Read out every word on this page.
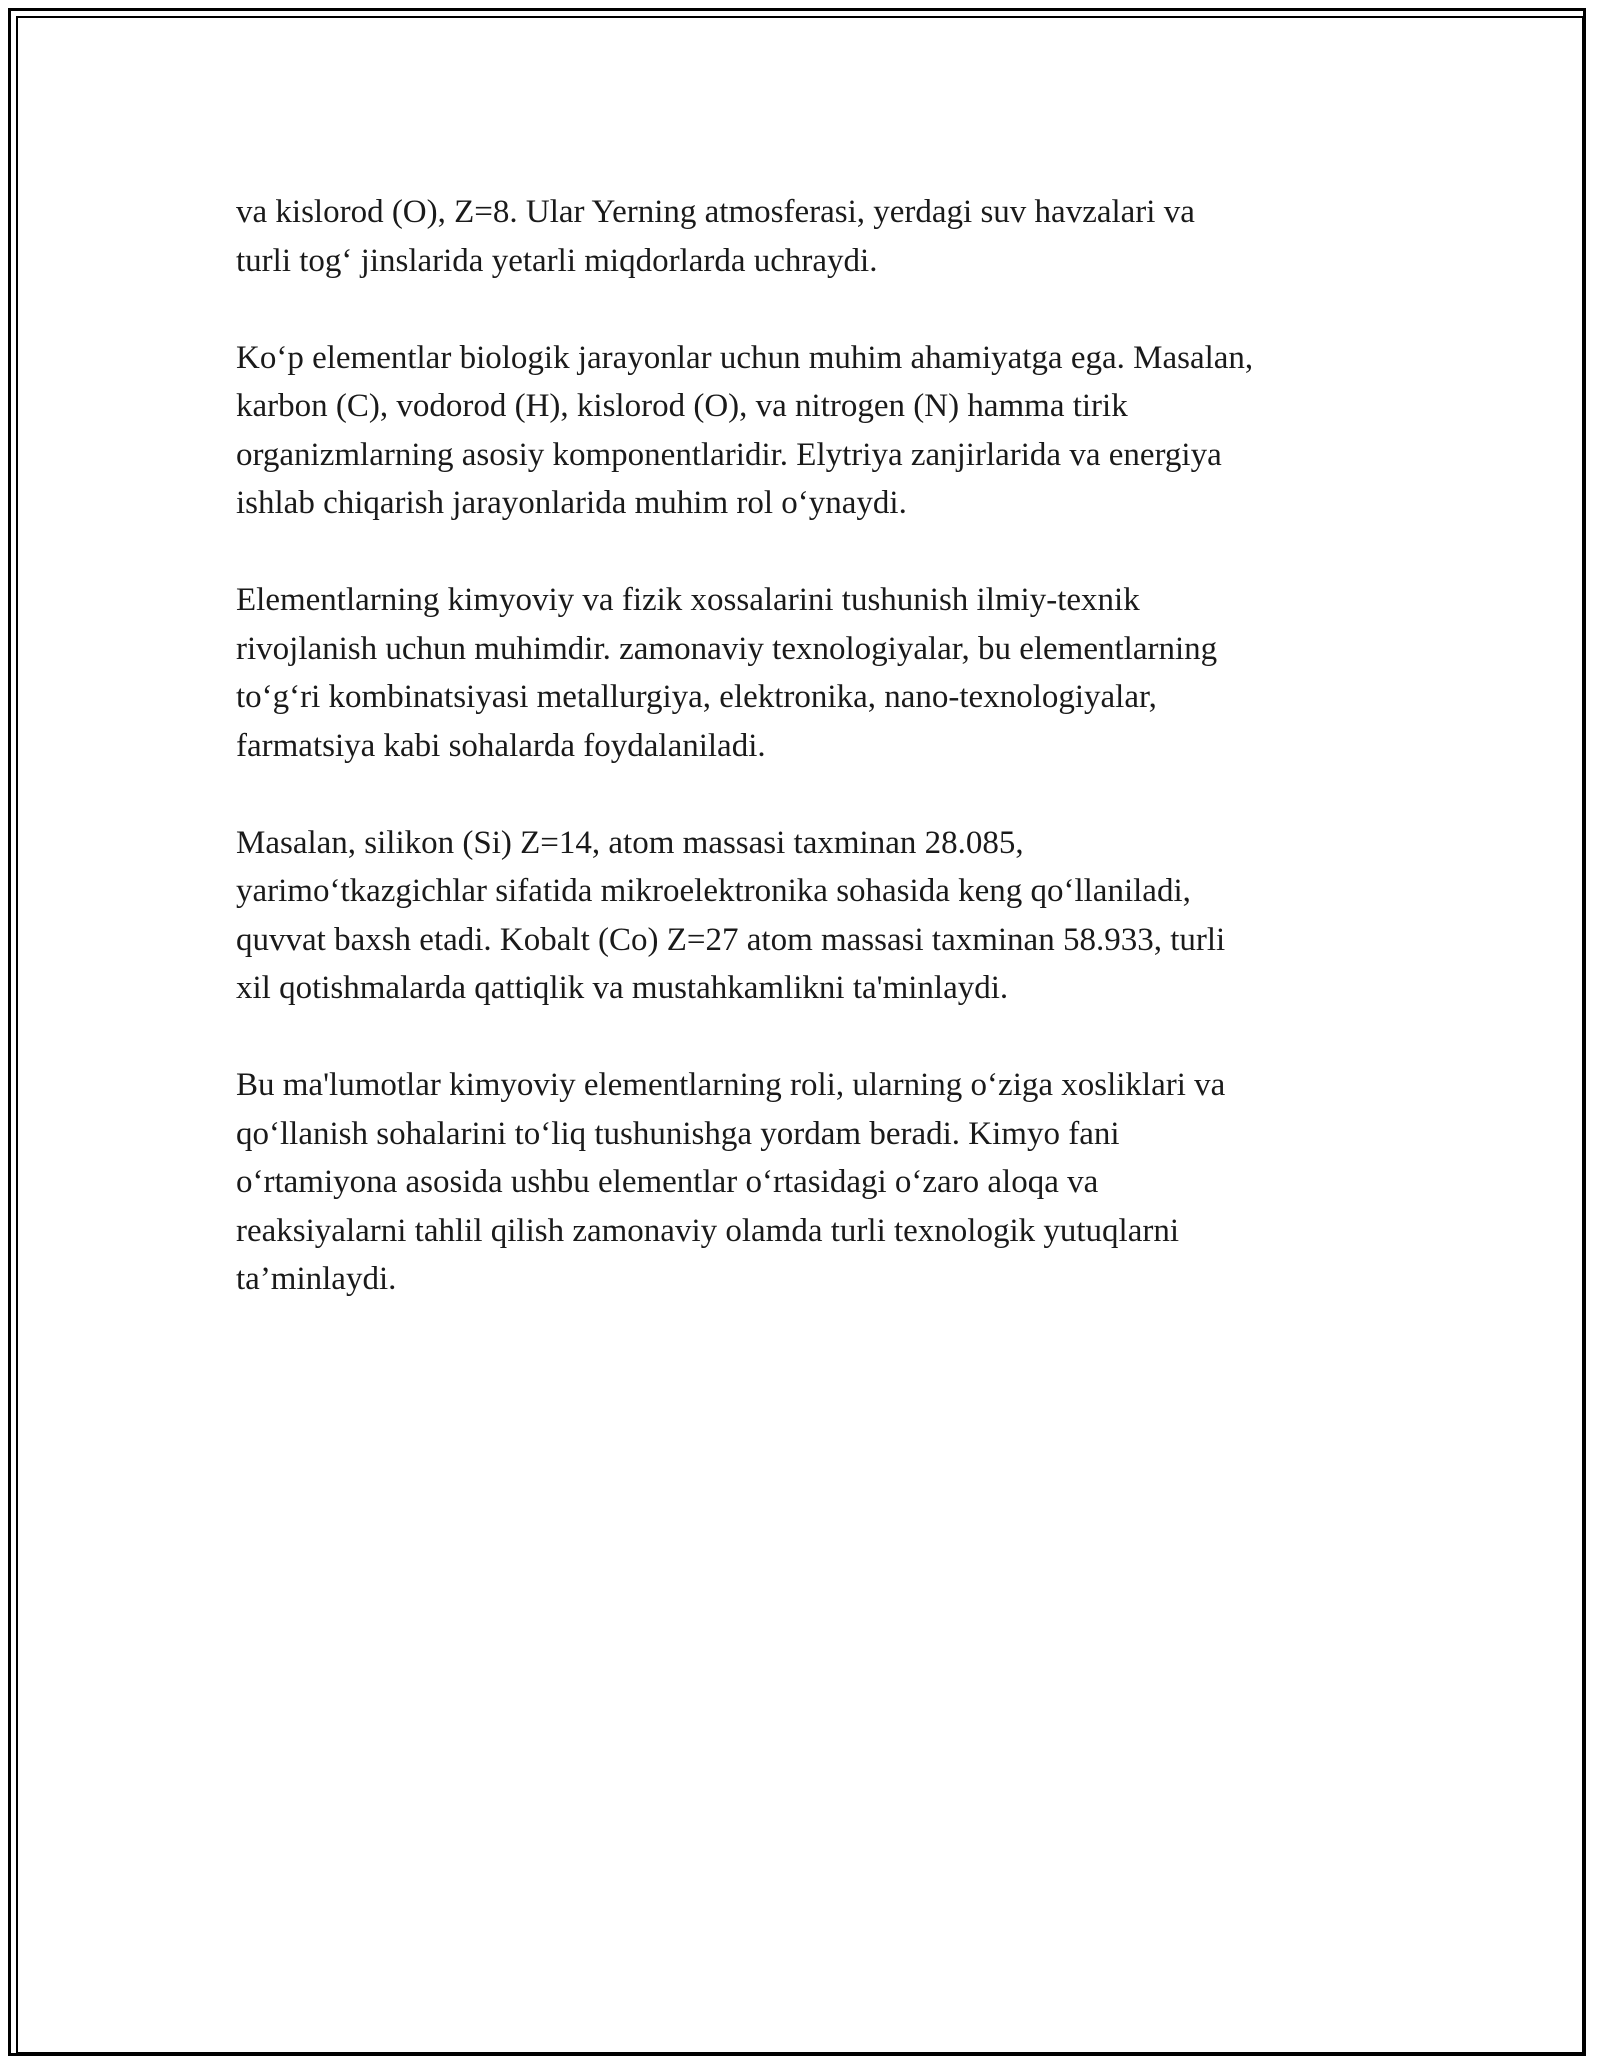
va kislorod (O), Z=8. Ular Yerning atmosferasi, yerdagi suv havzalari va
turli tog‘ jinslarida yetarli miqdorlarda uchraydi.

Ko‘p elementlar biologik jarayonlar uchun muhim ahamiyatga ega. Masalan,
karbon (C), vodorod (H), kislorod (O), va nitrogen (N) hamma tirik
organizmlarning asosiy komponentlaridir. Elytriya zanjirlarida va energiya
ishlab chiqarish jarayonlarida muhim rol o‘ynaydi.

Elementlarning kimyoviy va fizik xossalarini tushunish ilmiy-texnik
rivojlanish uchun muhimdir. zamonaviy texnologiyalar, bu elementlarning
to‘g‘ri kombinatsiyasi metallurgiya, elektronika, nano-texnologiyalar,
farmatsiya kabi sohalarda foydalaniladi.

Masalan, silikon (Si) Z=14, atom massasi taxminan 28.085,
yarimo‘tkazgichlar sifatida mikroelektronika sohasida keng qo‘llaniladi,
quvvat baxsh etadi. Kobalt (Co) Z=27 atom massasi taxminan 58.933, turli
xil qotishmalarda qattiqlik va mustahkamlikni ta'minlaydi.

Bu ma'lumotlar kimyoviy elementlarning roli, ularning o‘ziga xosliklari va
qo‘llanish sohalarini to‘liq tushunishga yordam beradi. Kimyo fani
o‘rtamiyona asosida ushbu elementlar o‘rtasidagi o‘zaro aloqa va
reaksiyalarni tahlil qilish zamonaviy olamda turli texnologik yutuqlarni
ta’minlaydi.
